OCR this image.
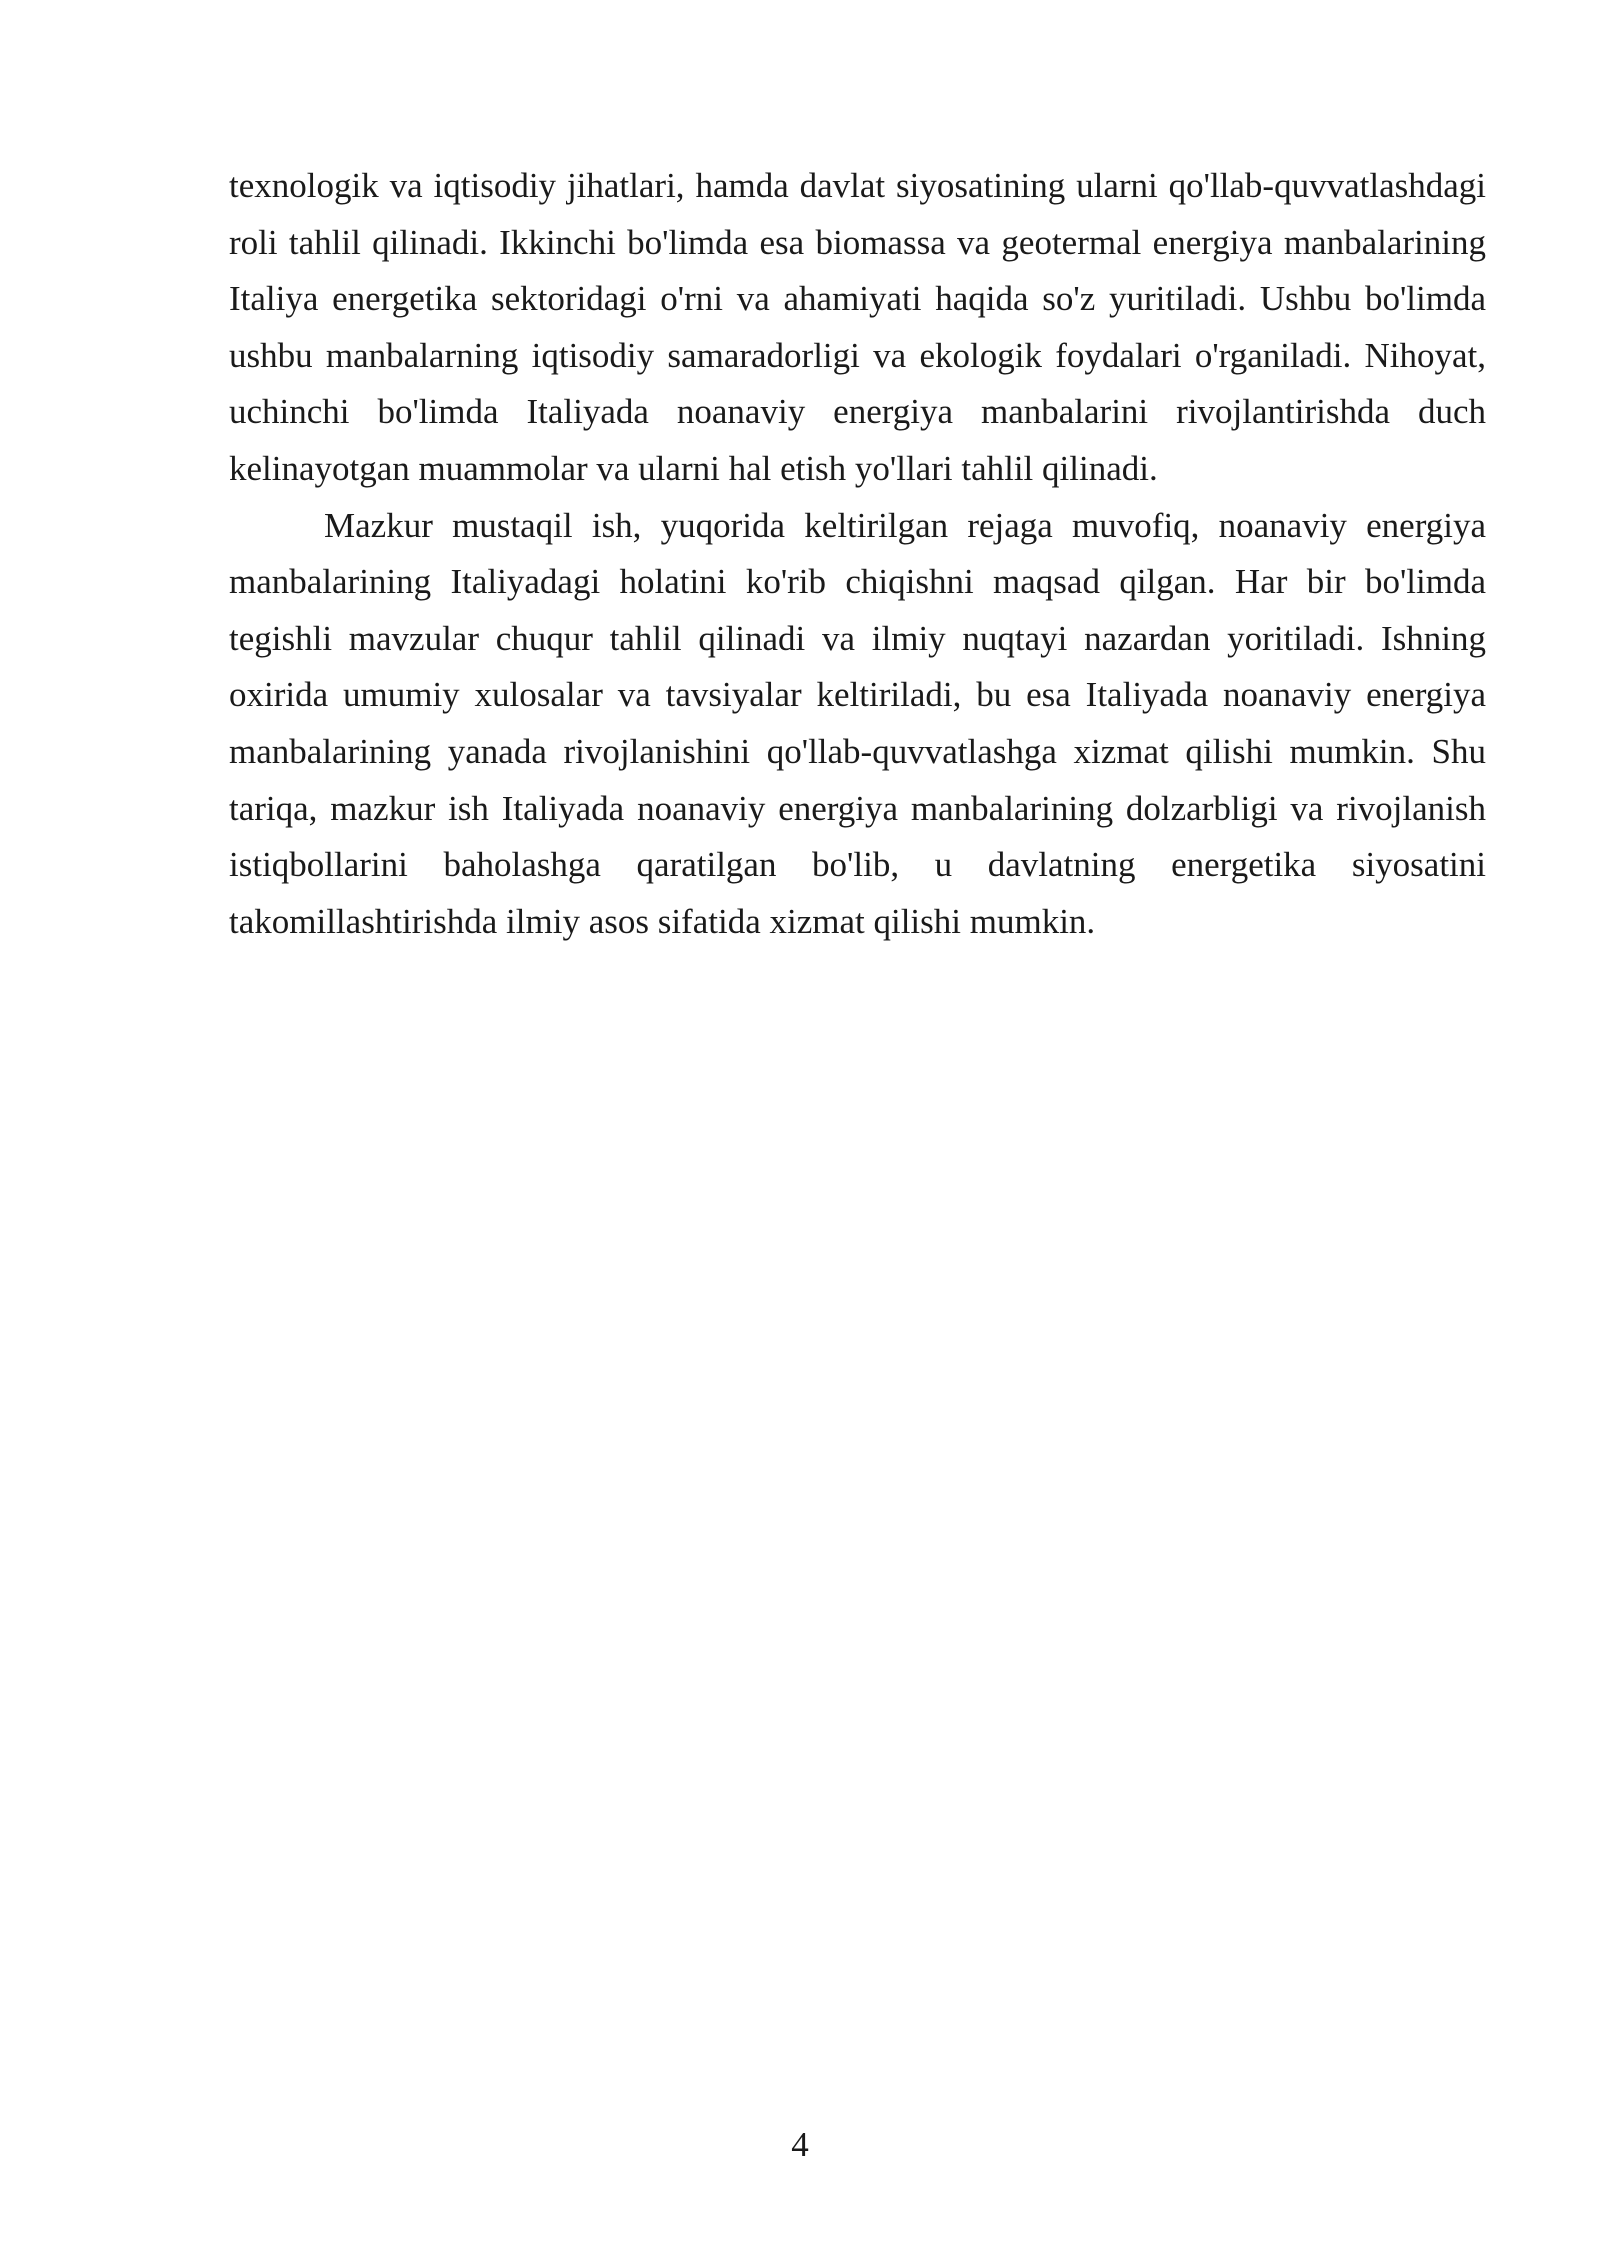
texnologik va iqtisodiy jihatlari, hamda davlat siyosatining ularni qo'llab-quvvatlashdagi roli tahlil qilinadi. Ikkinchi bo'limda esa biomassa va geotermal energiya manbalarining Italiya energetika sektoridagi o'rni va ahamiyati haqida so'z yuritiladi. Ushbu bo'limda ushbu manbalarning iqtisodiy samaradorligi va ekologik foydalari o'rganiladi. Nihoyat, uchinchi bo'limda Italiyada noanaviy energiya manbalarini rivojlantirishda duch kelinayotgan muammolar va ularni hal etish yo'llari tahlil qilinadi.

Mazkur mustaqil ish, yuqorida keltirilgan rejaga muvofiq, noanaviy energiya manbalarining Italiyadagi holatini ko'rib chiqishni maqsad qilgan. Har bir bo'limda tegishli mavzular chuqur tahlil qilinadi va ilmiy nuqtayi nazardan yoritiladi. Ishning oxirida umumiy xulosalar va tavsiyalar keltiriladi, bu esa Italiyada noanaviy energiya manbalarining yanada rivojlanishini qo'llab-quvvatlashga xizmat qilishi mumkin. Shu tariqa, mazkur ish Italiyada noanaviy energiya manbalarining dolzarbligi va rivojlanish istiqbollarini baholashga qaratilgan bo'lib, u davlatning energetika siyosatini takomillashtirishda ilmiy asos sifatida xizmat qilishi mumkin.

4
